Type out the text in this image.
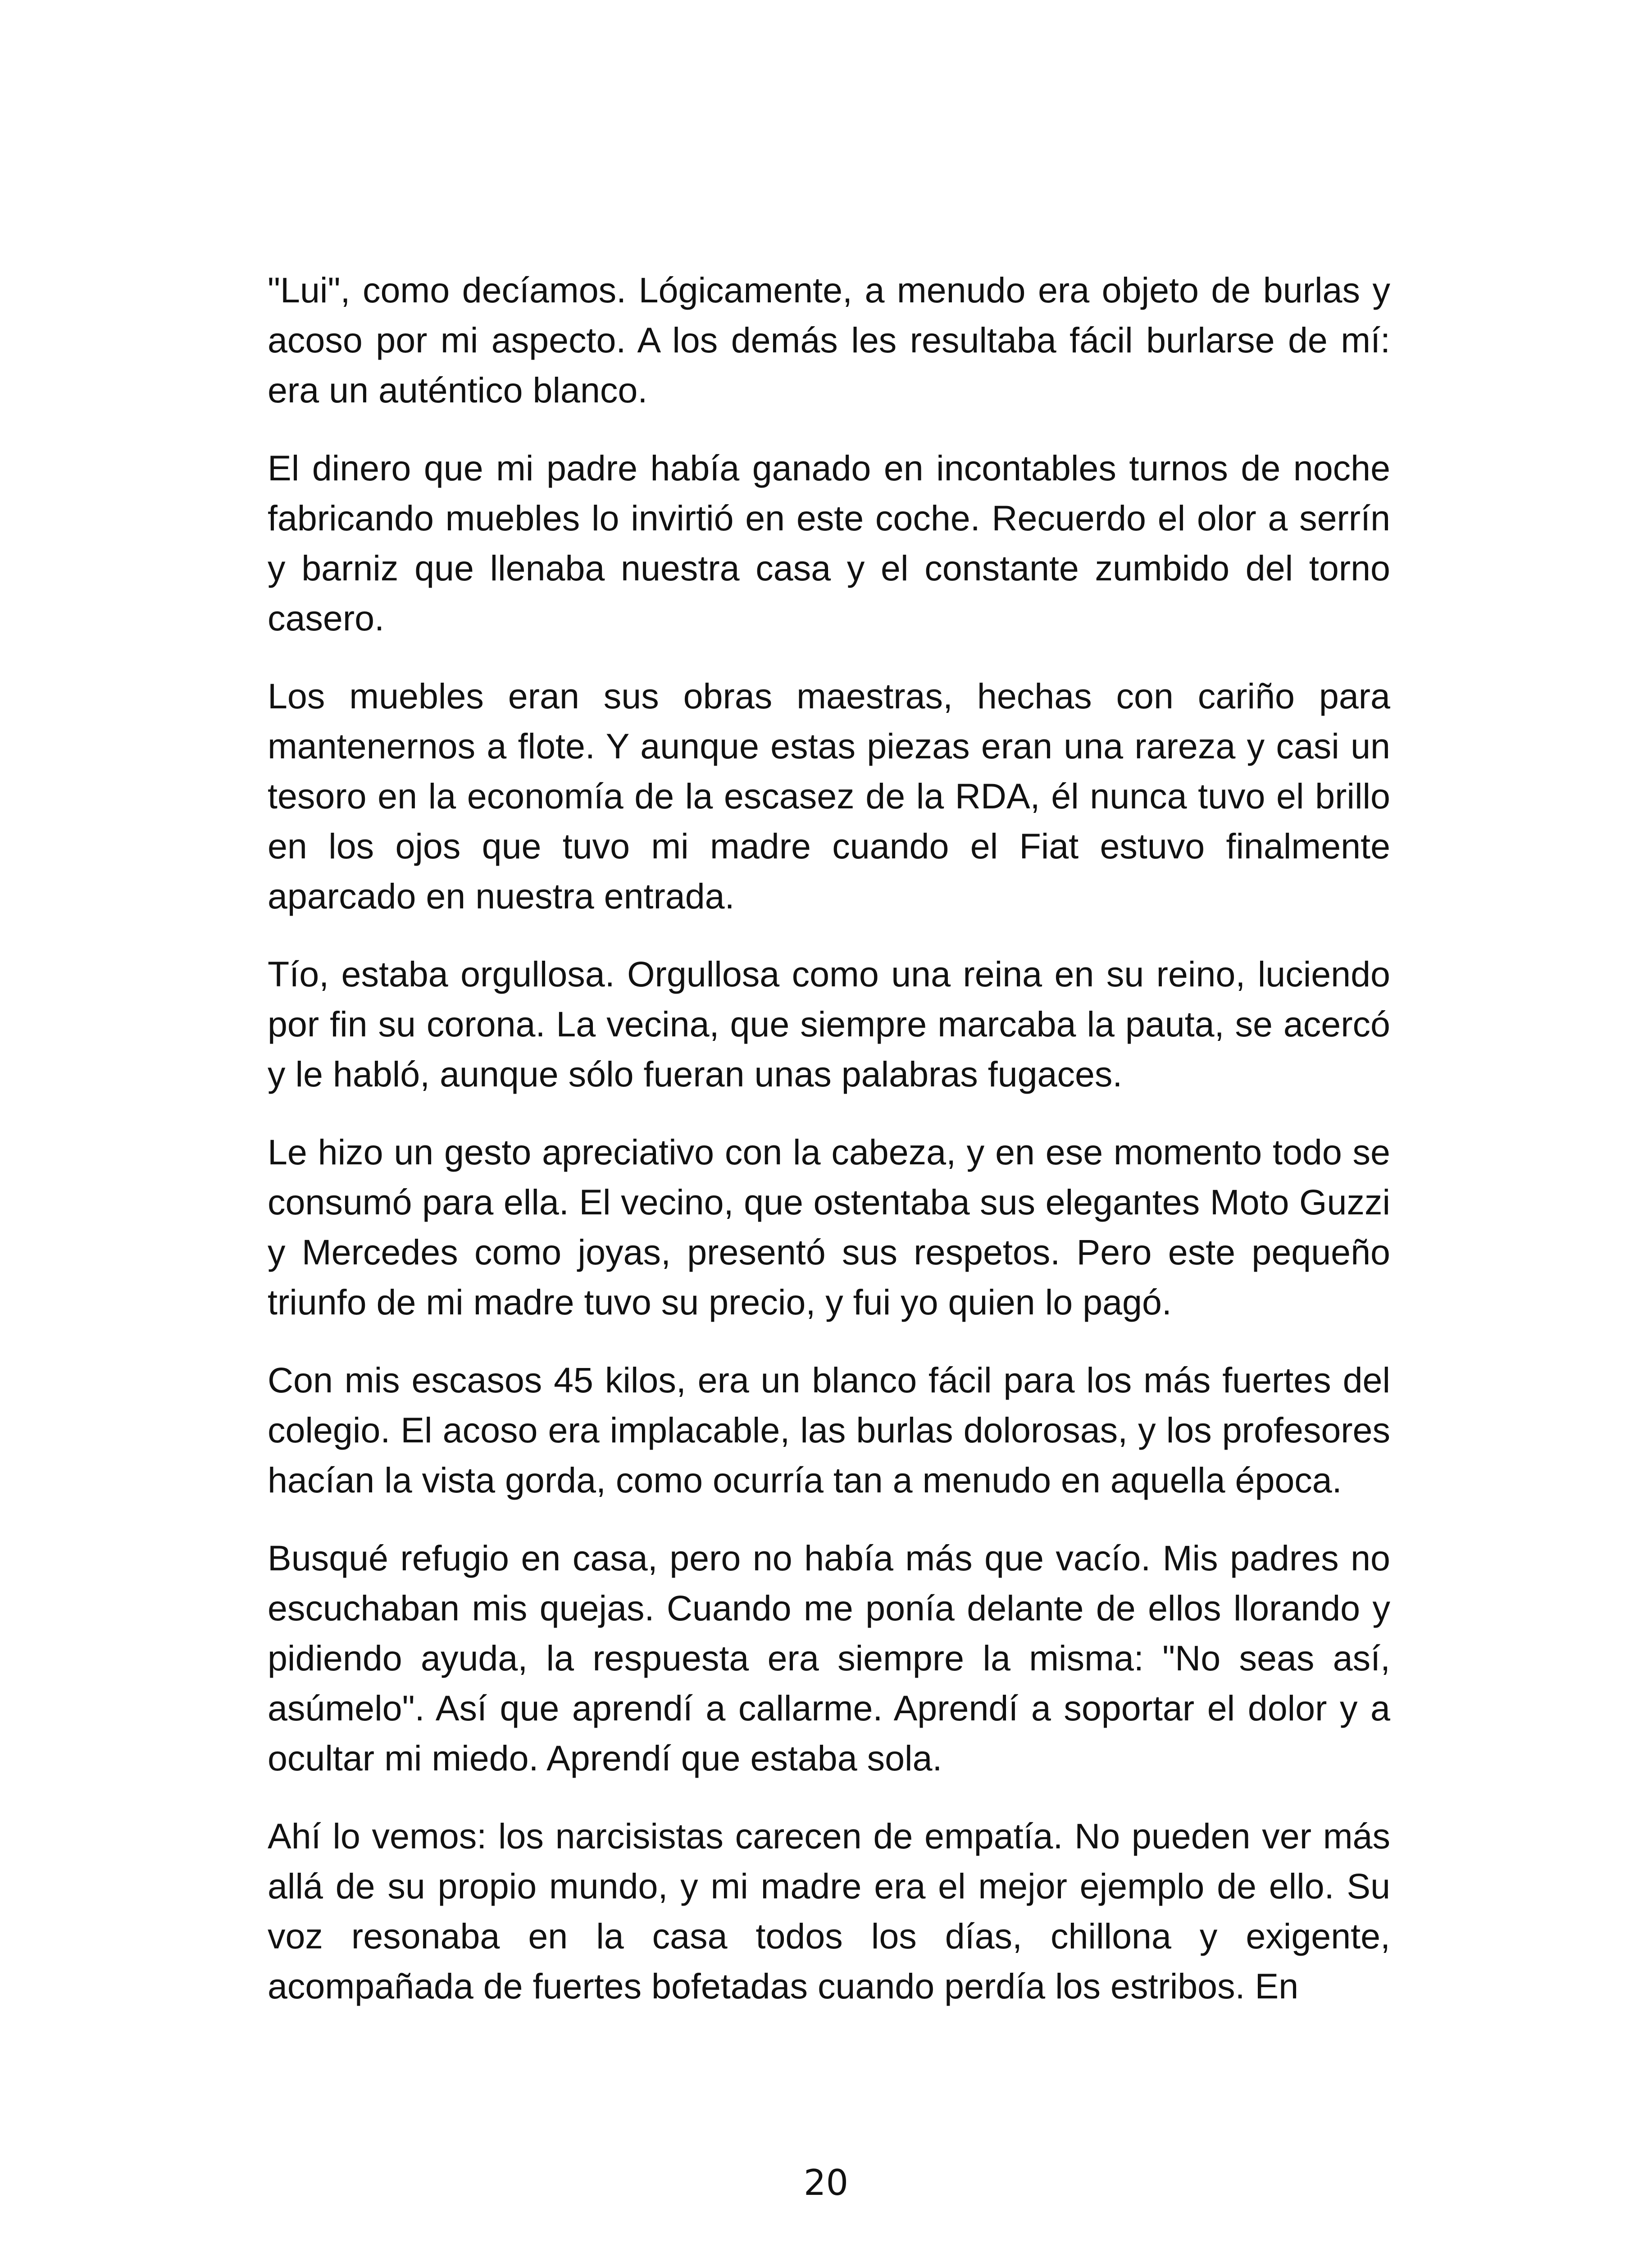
"Lui", como decíamos. Lógicamente, a menudo era objeto de burlas y acoso por mi aspecto. A los demás les resultaba fácil burlarse de mí: era un auténtico blanco.

El dinero que mi padre había ganado en incontables turnos de noche fabricando muebles lo invirtió en este coche. Recuerdo el olor a serrín y barniz que llenaba nuestra casa y el constante zumbido del torno casero.

Los muebles eran sus obras maestras, hechas con cariño para mantenernos a flote. Y aunque estas piezas eran una rareza y casi un tesoro en la economía de la escasez de la RDA, él nunca tuvo el brillo en los ojos que tuvo mi madre cuando el Fiat estuvo finalmente aparcado en nuestra entrada.

Tío, estaba orgullosa. Orgullosa como una reina en su reino, luciendo por fin su corona. La vecina, que siempre marcaba la pauta, se acercó y le habló, aunque sólo fueran unas palabras fugaces.

Le hizo un gesto apreciativo con la cabeza, y en ese momento todo se consumó para ella. El vecino, que ostentaba sus elegantes Moto Guzzi y Mercedes como joyas, presentó sus respetos. Pero este pequeño triunfo de mi madre tuvo su precio, y fui yo quien lo pagó.

Con mis escasos 45 kilos, era un blanco fácil para los más fuertes del colegio. El acoso era implacable, las burlas dolorosas, y los profesores hacían la vista gorda, como ocurría tan a menudo en aquella época.

Busqué refugio en casa, pero no había más que vacío. Mis padres no escuchaban mis quejas. Cuando me ponía delante de ellos llorando y pidiendo ayuda, la respuesta era siempre la misma: "No seas así, asúmelo". Así que aprendí a callarme. Aprendí a soportar el dolor y a ocultar mi miedo. Aprendí que estaba sola.

Ahí lo vemos: los narcisistas carecen de empatía. No pueden ver más allá de su propio mundo, y mi madre era el mejor ejemplo de ello. Su voz resonaba en la casa todos los días, chillona y exigente, acompañada de fuertes bofetadas cuando perdía los estribos. En

20
